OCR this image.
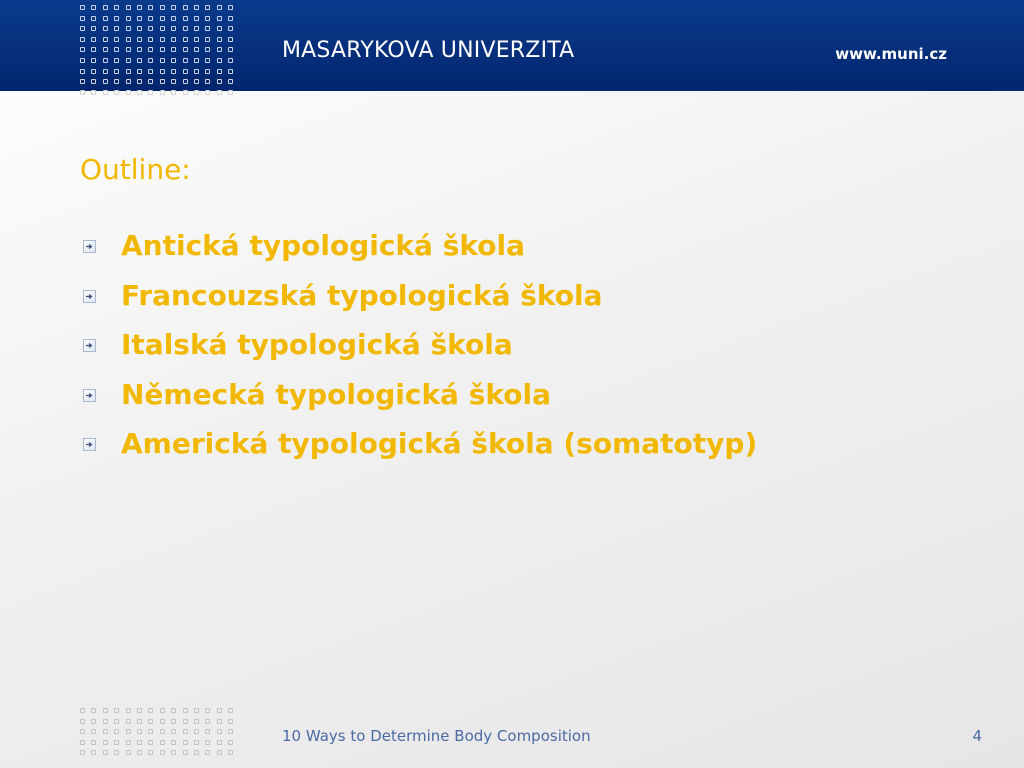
MASARYKOVA UNIVERZITA	www.muni.cz
Outline:
Antická typologická škola
Francouzská typologická škola
Italská typologická škola
Německá typologická škola
Americká typologická škola (somatotyp)
10 Ways to Determine Body Composition	4
